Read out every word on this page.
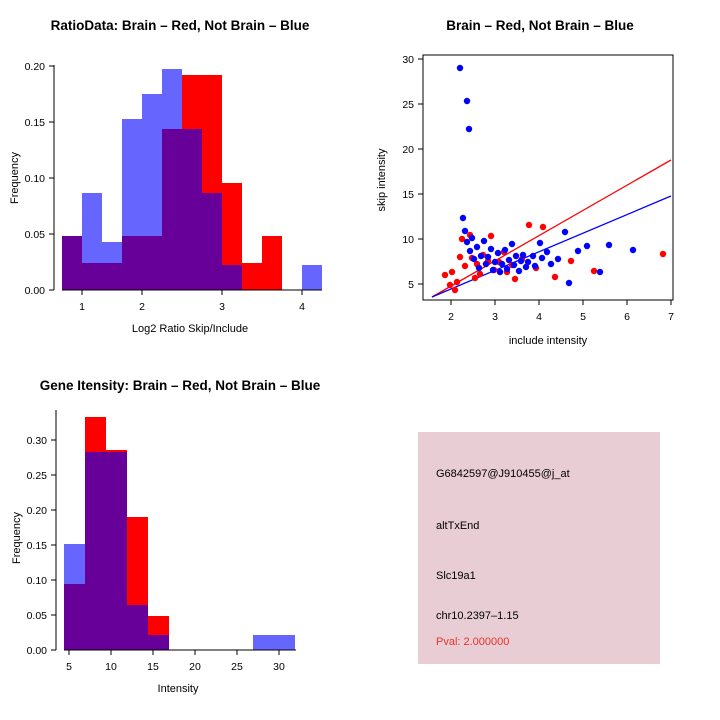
RatioData: Brain – Red, Not Brain – Blue
0.00
0.05
0.10
0.15
0.20
1	2	3	4
Log2 Ratio Skip/Include
Frequency
Brain – Red, Not Brain – Blue
5
10
15
20
25
30
2	3	4	5	6	7
include intensity
skip intensity
Gene Itensity: Brain – Red, Not Brain – Blue
0.00
0.05
0.10
0.15
0.20
0.25
0.30
5	10	15	20	25	30
Intensity
Frequency
G6842597@J910455@j_at
altTxEnd
Slc19a1
chr10.2397–1.15
Pval: 2.000000
